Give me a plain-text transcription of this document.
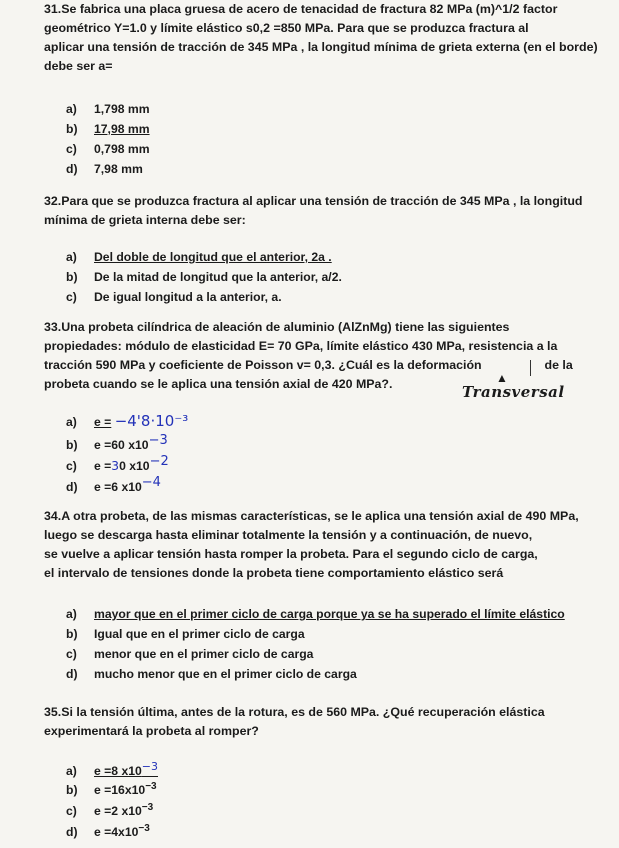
31.Se fabrica una placa gruesa de acero de tenacidad de fractura 82 MPa (m)^1/2 factor

geométrico Y=1.0 y límite elástico s0,2 =850 MPa. Para que se produzca fractura al

aplicar una tensión de tracción de 345 MPa , la longitud mínima de grieta externa (en el borde)

debe ser a=

a) 1,798 mm
b) 17,98 mm
c) 0,798 mm
d) 7,98 mm

32.Para que se produzca fractura al aplicar una tensión de tracción de 345 MPa , la longitud

mínima de grieta interna debe ser:

a) Del doble de longitud que el anterior, 2a .
b) De la mitad de longitud que la anterior, a/2.
c) De igual longitud a la anterior, a.

33.Una probeta cilíndrica de aleación de aluminio (AlZnMg) tiene las siguientes

propiedades: módulo de elasticidad E= 70 GPa, límite elástico 430 MPa, resistencia a la

tracción 590 MPa y coeficiente de Poisson v= 0,3. ¿Cuál es la deformación	de la

probeta cuando se le aplica una tensión axial de 420 MPa?.	▲
Transversal
a) e = −4'8·10⁻³
b) e =60 $x10^{-3}$
c) e =30 $x10^{-2}$
d) e =6 $x10^{-4}$

34.A otra probeta, de las mismas características, se le aplica una tensión axial de 490 MPa,

luego se descarga hasta eliminar totalmente la tensión y a continuación, de nuevo,

se vuelve a aplicar tensión hasta romper la probeta. Para el segundo ciclo de carga,

el intervalo de tensiones donde la probeta tiene comportamiento elástico será

a) mayor que en el primer ciclo de carga porque ya se ha superado el límite elástico
b) Igual que en el primer ciclo de carga
c) menor que en el primer ciclo de carga
d) mucho menor que en el primer ciclo de carga

35.Si la tensión última, antes de la rotura, es de 560 MPa. ¿Qué recuperación elástica

experimentará la probeta al romper?

a) e =8 $x10^{-3}$
b) $e =16x10^{-3}$
c) e =2 $x10^{-3}$
d) $e =4x10^{-3}$
